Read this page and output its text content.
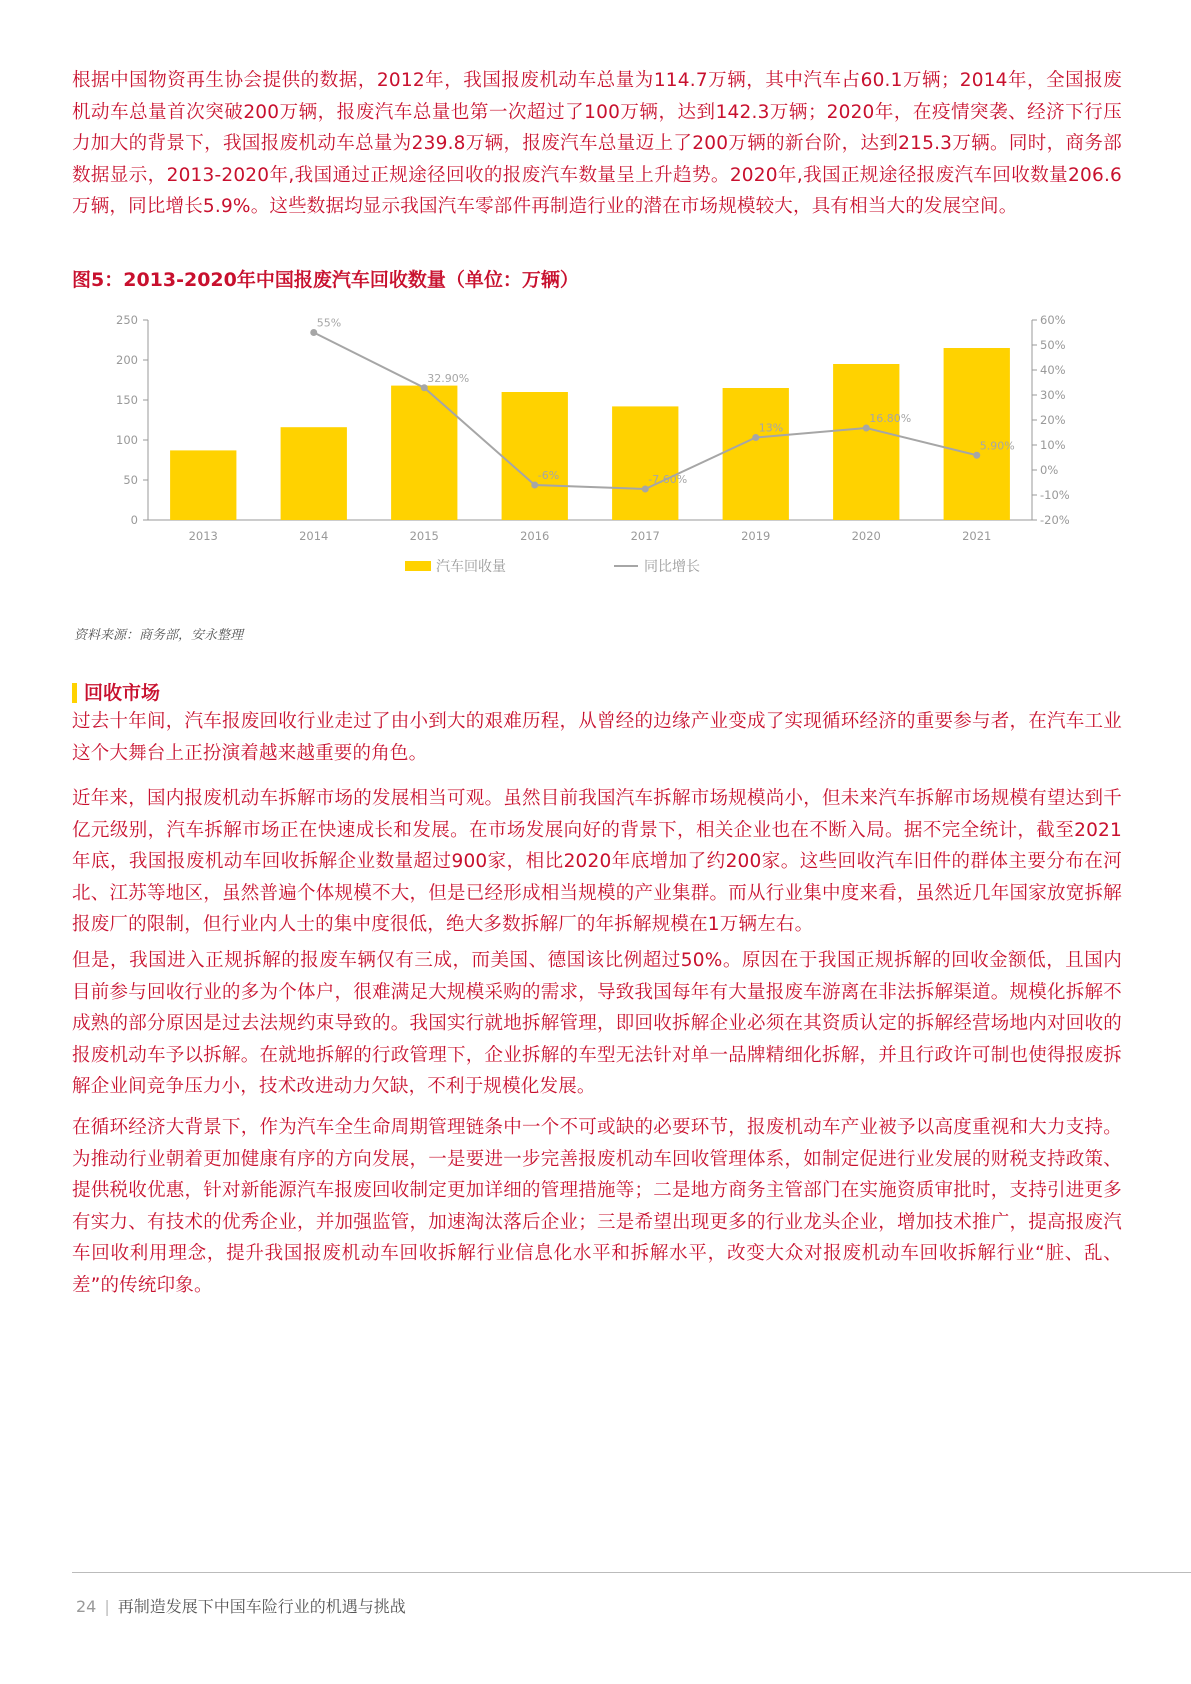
根据中国物资再生协会提供的数据，2012年，我国报废机动车总量为114.7万辆，其中汽车占60.1万辆；2014年，全国报废机动车总量首次突破200万辆，报废汽车总量也第一次超过了100万辆，达到142.3万辆；2020年，在疫情突袭、经济下行压力加大的背景下，我国报废机动车总量为239.8万辆，报废汽车总量迈上了200万辆的新台阶，达到215.3万辆。同时，商务部数据显示，2013-2020年,我国通过正规途径回收的报废汽车数量呈上升趋势。2020年,我国正规途径报废汽车回收数量206.6万辆，同比增长5.9%。这些数据均显示我国汽车零部件再制造行业的潜在市场规模较大，具有相当大的发展空间。

图5：2013-2020年中国报废汽车回收数量（单位：万辆）

0
50
100
150
200
250
-20%
-10%
0%
10%
20%
30%
40%
50%
60%
2013	2014	2015	2016	2017	2019	2020	2021
55%
32.90%
-6%	-7.60%
13%
16.80%
5.90%
汽车回收量	同比增长

资料来源：商务部，安永整理

回收市场

过去十年间，汽车报废回收行业走过了由小到大的艰难历程，从曾经的边缘产业变成了实现循环经济的重要参与者，在汽车工业这个大舞台上正扮演着越来越重要的角色。

近年来，国内报废机动车拆解市场的发展相当可观。虽然目前我国汽车拆解市场规模尚小，但未来汽车拆解市场规模有望达到千亿元级别，汽车拆解市场正在快速成长和发展。在市场发展向好的背景下，相关企业也在不断入局。据不完全统计，截至2021年底，我国报废机动车回收拆解企业数量超过900家，相比2020年底增加了约200家。这些回收汽车旧件的群体主要分布在河北、江苏等地区，虽然普遍个体规模不大，但是已经形成相当规模的产业集群。而从行业集中度来看，虽然近几年国家放宽拆解报废厂的限制，但行业内人士的集中度很低，绝大多数拆解厂的年拆解规模在1万辆左右。

但是，我国进入正规拆解的报废车辆仅有三成，而美国、德国该比例超过50%。原因在于我国正规拆解的回收金额低，且国内目前参与回收行业的多为个体户，很难满足大规模采购的需求，导致我国每年有大量报废车游离在非法拆解渠道。规模化拆解不成熟的部分原因是过去法规约束导致的。我国实行就地拆解管理，即回收拆解企业必须在其资质认定的拆解经营场地内对回收的报废机动车予以拆解。在就地拆解的行政管理下，企业拆解的车型无法针对单一品牌精细化拆解，并且行政许可制也使得报废拆解企业间竞争压力小，技术改进动力欠缺，不利于规模化发展。

在循环经济大背景下，作为汽车全生命周期管理链条中一个不可或缺的必要环节，报废机动车产业被予以高度重视和大力支持。为推动行业朝着更加健康有序的方向发展，一是要进一步完善报废机动车回收管理体系，如制定促进行业发展的财税支持政策、提供税收优惠，针对新能源汽车报废回收制定更加详细的管理措施等；二是地方商务主管部门在实施资质审批时，支持引进更多有实力、有技术的优秀企业，并加强监管，加速淘汰落后企业；三是希望出现更多的行业龙头企业，增加技术推广，提高报废汽车回收利用理念，提升我国报废机动车回收拆解行业信息化水平和拆解水平，改变大众对报废机动车回收拆解行业“脏、乱、差”的传统印象。

24 | 再制造发展下中国车险行业的机遇与挑战
